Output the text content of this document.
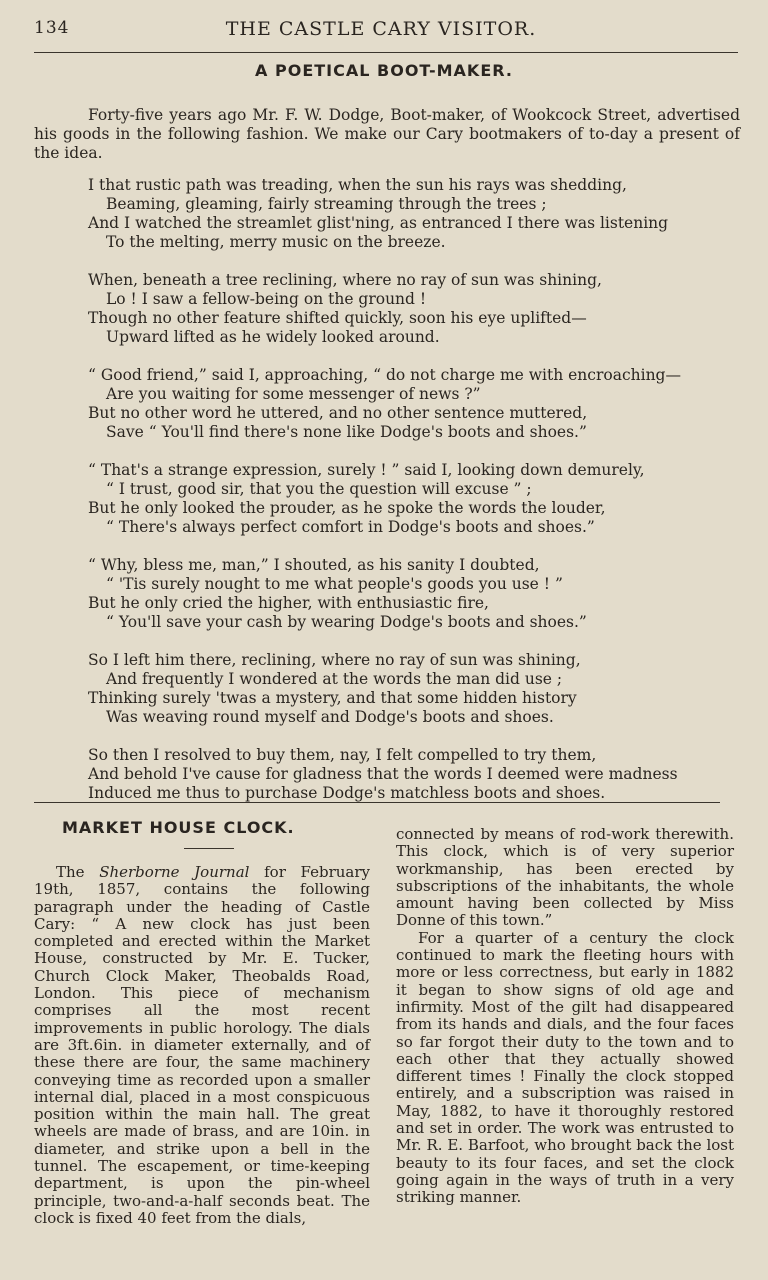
134	THE CASTLE CARY VISITOR.
A POETICAL BOOT-MAKER.

Forty-five years ago Mr. F. W. Dodge, Boot-maker, of Wookcock Street, advertised his goods in the following fashion. We make our Cary bootmakers of to-day a present of the idea.

I that rustic path was treading, when the sun his rays was shedding,
Beaming, gleaming, fairly streaming through the trees ;
And I watched the streamlet glist'ning, as entranced I there was listening
To the melting, merry music on the breeze.
When, beneath a tree reclining, where no ray of sun was shining,
Lo ! I saw a fellow-being on the ground !
Though no other feature shifted quickly, soon his eye uplifted—
Upward lifted as he widely looked around.
“ Good friend,” said I, approaching, “ do not charge me with encroaching—
Are you waiting for some messenger of news ?”
But no other word he uttered, and no other sentence muttered,
Save “ You'll find there's none like Dodge's boots and shoes.”
“ That's a strange expression, surely ! ” said I, looking down demurely,
“ I trust, good sir, that you the question will excuse ” ;
But he only looked the prouder, as he spoke the words the louder,
“ There's always perfect comfort in Dodge's boots and shoes.”
“ Why, bless me, man,” I shouted, as his sanity I doubted,
“ 'Tis surely nought to me what people's goods you use ! ”
But he only cried the higher, with enthusiastic fire,
“ You'll save your cash by wearing Dodge's boots and shoes.”
So I left him there, reclining, where no ray of sun was shining,
And frequently I wondered at the words the man did use ;
Thinking surely 'twas a mystery, and that some hidden history
Was weaving round myself and Dodge's boots and shoes.
So then I resolved to buy them, nay, I felt compelled to try them,
And behold I've cause for gladness that the words I deemed were madness
Induced me thus to purchase Dodge's matchless boots and shoes.
MARKET HOUSE CLOCK.

The Sherborne Journal for February 19th, 1857, contains the following paragraph under the heading of Castle Cary: “ A new clock has just been completed and erected within the Market House, constructed by Mr. E. Tucker, Church Clock Maker, Theobalds Road, London. This piece of mechanism comprises all the most recent improvements in public horology. The dials are 3ft.6in. in diameter externally, and of these there are four, the same machinery conveying time as recorded upon a smaller internal dial, placed in a most conspicuous position within the main hall. The great wheels are made of brass, and are 10in. in diameter, and strike upon a bell in the tunnel. The escapement, or time-keeping department, is upon the pin-wheel principle, two-and-a-half seconds beat. The clock is fixed 40 feet from the dials,

connected by means of rod-work therewith. This clock, which is of very superior workmanship, has been erected by subscriptions of the inhabitants, the whole amount having been collected by Miss Donne of this town.”

For a quarter of a century the clock continued to mark the fleeting hours with more or less correctness, but early in 1882 it began to show signs of old age and infirmity. Most of the gilt had disappeared from its hands and dials, and the four faces so far forgot their duty to the town and to each other that they actually showed different times ! Finally the clock stopped entirely, and a subscription was raised in May, 1882, to have it thoroughly restored and set in order. The work was entrusted to Mr. R. E. Barfoot, who brought back the lost beauty to its four faces, and set the clock going again in the ways of truth in a very striking manner.
